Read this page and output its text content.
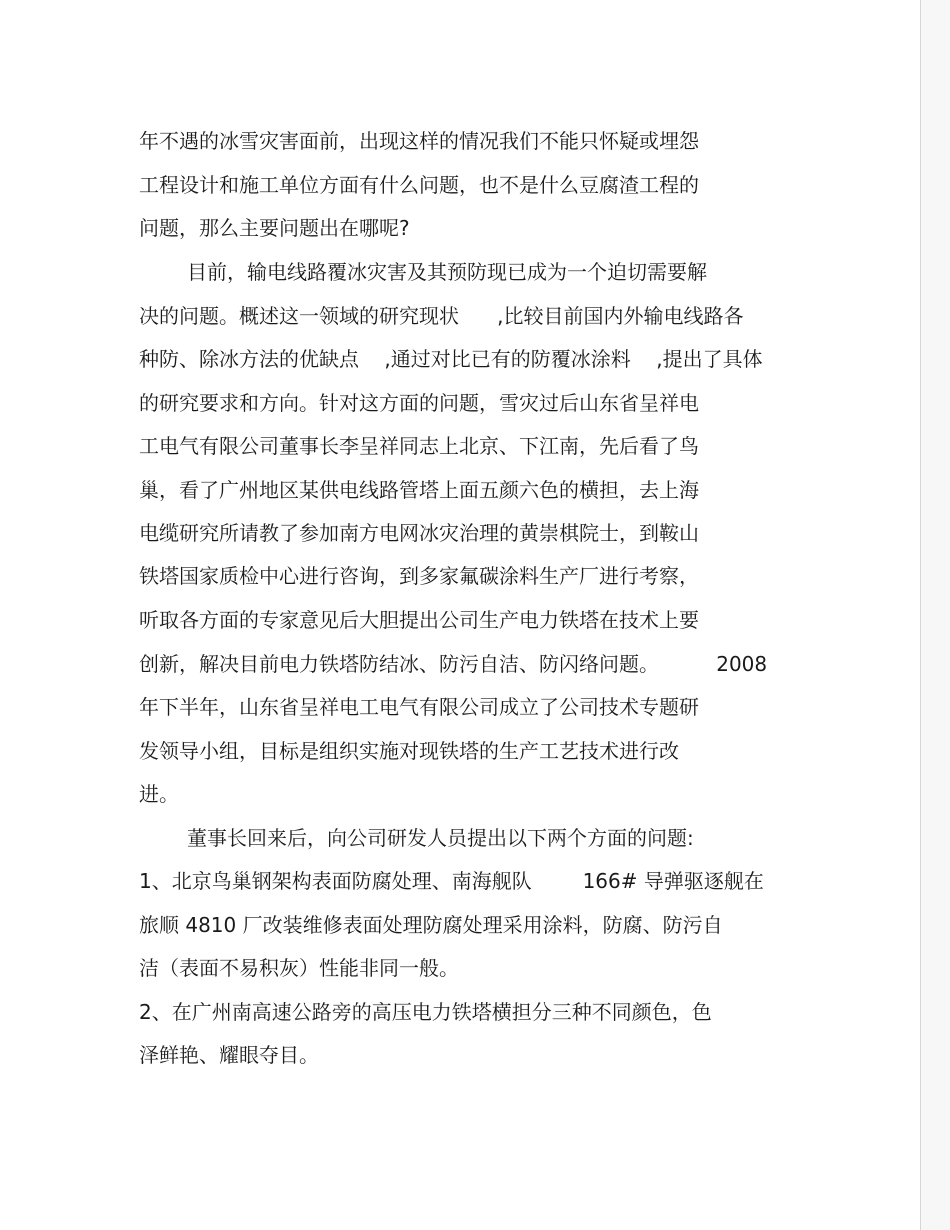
年不遇的冰雪灾害面前，出现这样的情况我们不能只怀疑或埋怨
工程设计和施工单位方面有什么问题，也不是什么豆腐渣工程的
问题，那么主要问题出在哪呢?
目前，输电线路覆冰灾害及其预防现已成为一个迫切需要解
决的问题。概述这一领域的研究现状      ,比较目前国内外输电线路各
种防、除冰方法的优缺点    ,通过对比已有的防覆冰涂料    ,提出了具体
的研究要求和方向。针对这方面的问题，雪灾过后山东省呈祥电
工电气有限公司董事长李呈祥同志上北京、下江南，先后看了鸟
巢，看了广州地区某供电线路管塔上面五颜六色的横担，去上海
电缆研究所请教了参加南方电网冰灾治理的黄崇棋院士，到鞍山
铁塔国家质检中心进行咨询，到多家氟碳涂料生产厂进行考察，
听取各方面的专家意见后大胆提出公司生产电力铁塔在技术上要
创新，解决目前电力铁塔防结冰、防污自洁、防闪络问题。         2008
年下半年，山东省呈祥电工电气有限公司成立了公司技术专题研
发领导小组，目标是组织实施对现铁塔的生产工艺技术进行改
进。
董事长回来后，向公司研发人员提出以下两个方面的问题:
1、北京鸟巢钢架构表面防腐处理、南海舰队        166# 导弹驱逐舰在
旅顺 4810 厂改装维修表面处理防腐处理采用涂料，防腐、防污自
洁（表面不易积灰）性能非同一般。
2、在广州南高速公路旁的高压电力铁塔横担分三种不同颜色，色
泽鲜艳、耀眼夺目。
